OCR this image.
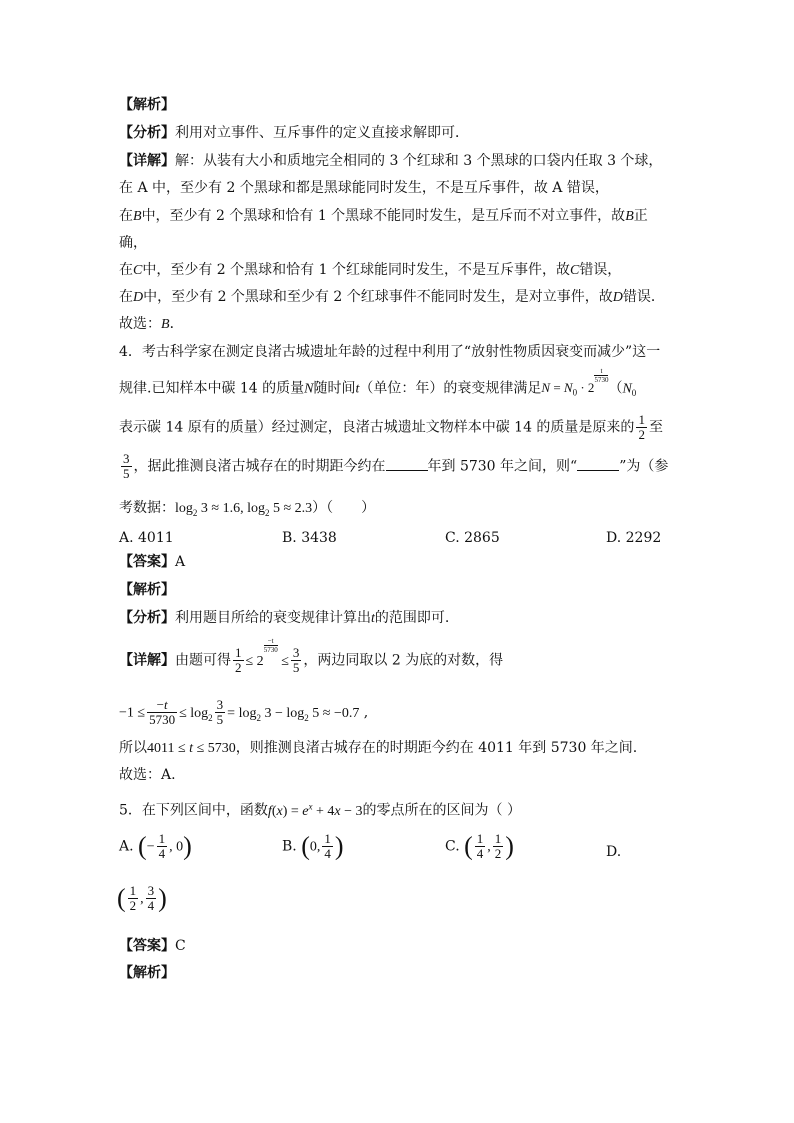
【解析】
【分析】利用对立事件、互斥事件的定义直接求解即可．
【详解】解：从装有大小和质地完全相同的 3 个红球和 3 个黑球的口袋内任取 3 个球，
在 A 中，至少有 2 个黑球和都是黑球能同时发生，不是互斥事件，故 A 错误，
在B中，至少有 2 个黑球和恰有 1 个黑球不能同时发生，是互斥而不对立事件，故B正
确，
在C中，至少有 2 个黑球和恰有 1 个红球能同时发生，不是互斥事件，故C错误，
在D中，至少有 2 个黑球和至少有 2 个红球事件不能同时发生，是对立事件，故D错误．
故选：B．
4．考古科学家在测定良渚古城遗址年龄的过程中利用了“放射性物质因衰变而减少”这一
规律.已知样本中碳 14 的质量N随时间t（单位：年）的衰变规律满足$N = N_0 \cdot 2$
$^{\frac{t}{5730}}(N_0$
表示碳 14 原有的质量）经过测定，良渚古城遗址文物样本中碳 14 的质量是原来的 $\frac{1}{2}$ 至
$\frac{3}{5}$ ，据此推测良渚古城存在的时期距今约在	年到 5730 年之间，则“	”为（参
考数据：$\log_2 3 \approx 1.6$, $\log_2 5 \approx 2.3$）（　　）
A. 4011	B. 3438	C. 2865	D. 2292
【答案】A
【解析】
【分析】利用题目所给的衰变规律计算出t的范围即可.
【详解】由题可得 $\frac{1}{2} \le 2$
$^{\frac{-t}{5730}} \le \frac{3}{5}$ ，两边同取以 2 为底的对数，得
$-1 \le \frac{-t}{5730} \le \log_2 \frac{3}{5} = \log_2 3 - \log_2 5 \approx -0.7$ ,
所以4011 ≤ t ≤ 5730，则推测良渚古城存在的时期距今约在 4011 年到 5730 年之间.
故选：A.
5．在下列区间中，函数$f(x) = e^x + 4x - 3$的零点所在的区间为（ ）
A. (− $\frac{1}{4}$ , 0)	B. (0, $\frac{1}{4}$ )	C. ( $\frac{1}{4}$ , $\frac{1}{2}$ )	D.
( $\frac{1}{2}$ , $\frac{3}{4}$ )
【答案】C
【解析】
